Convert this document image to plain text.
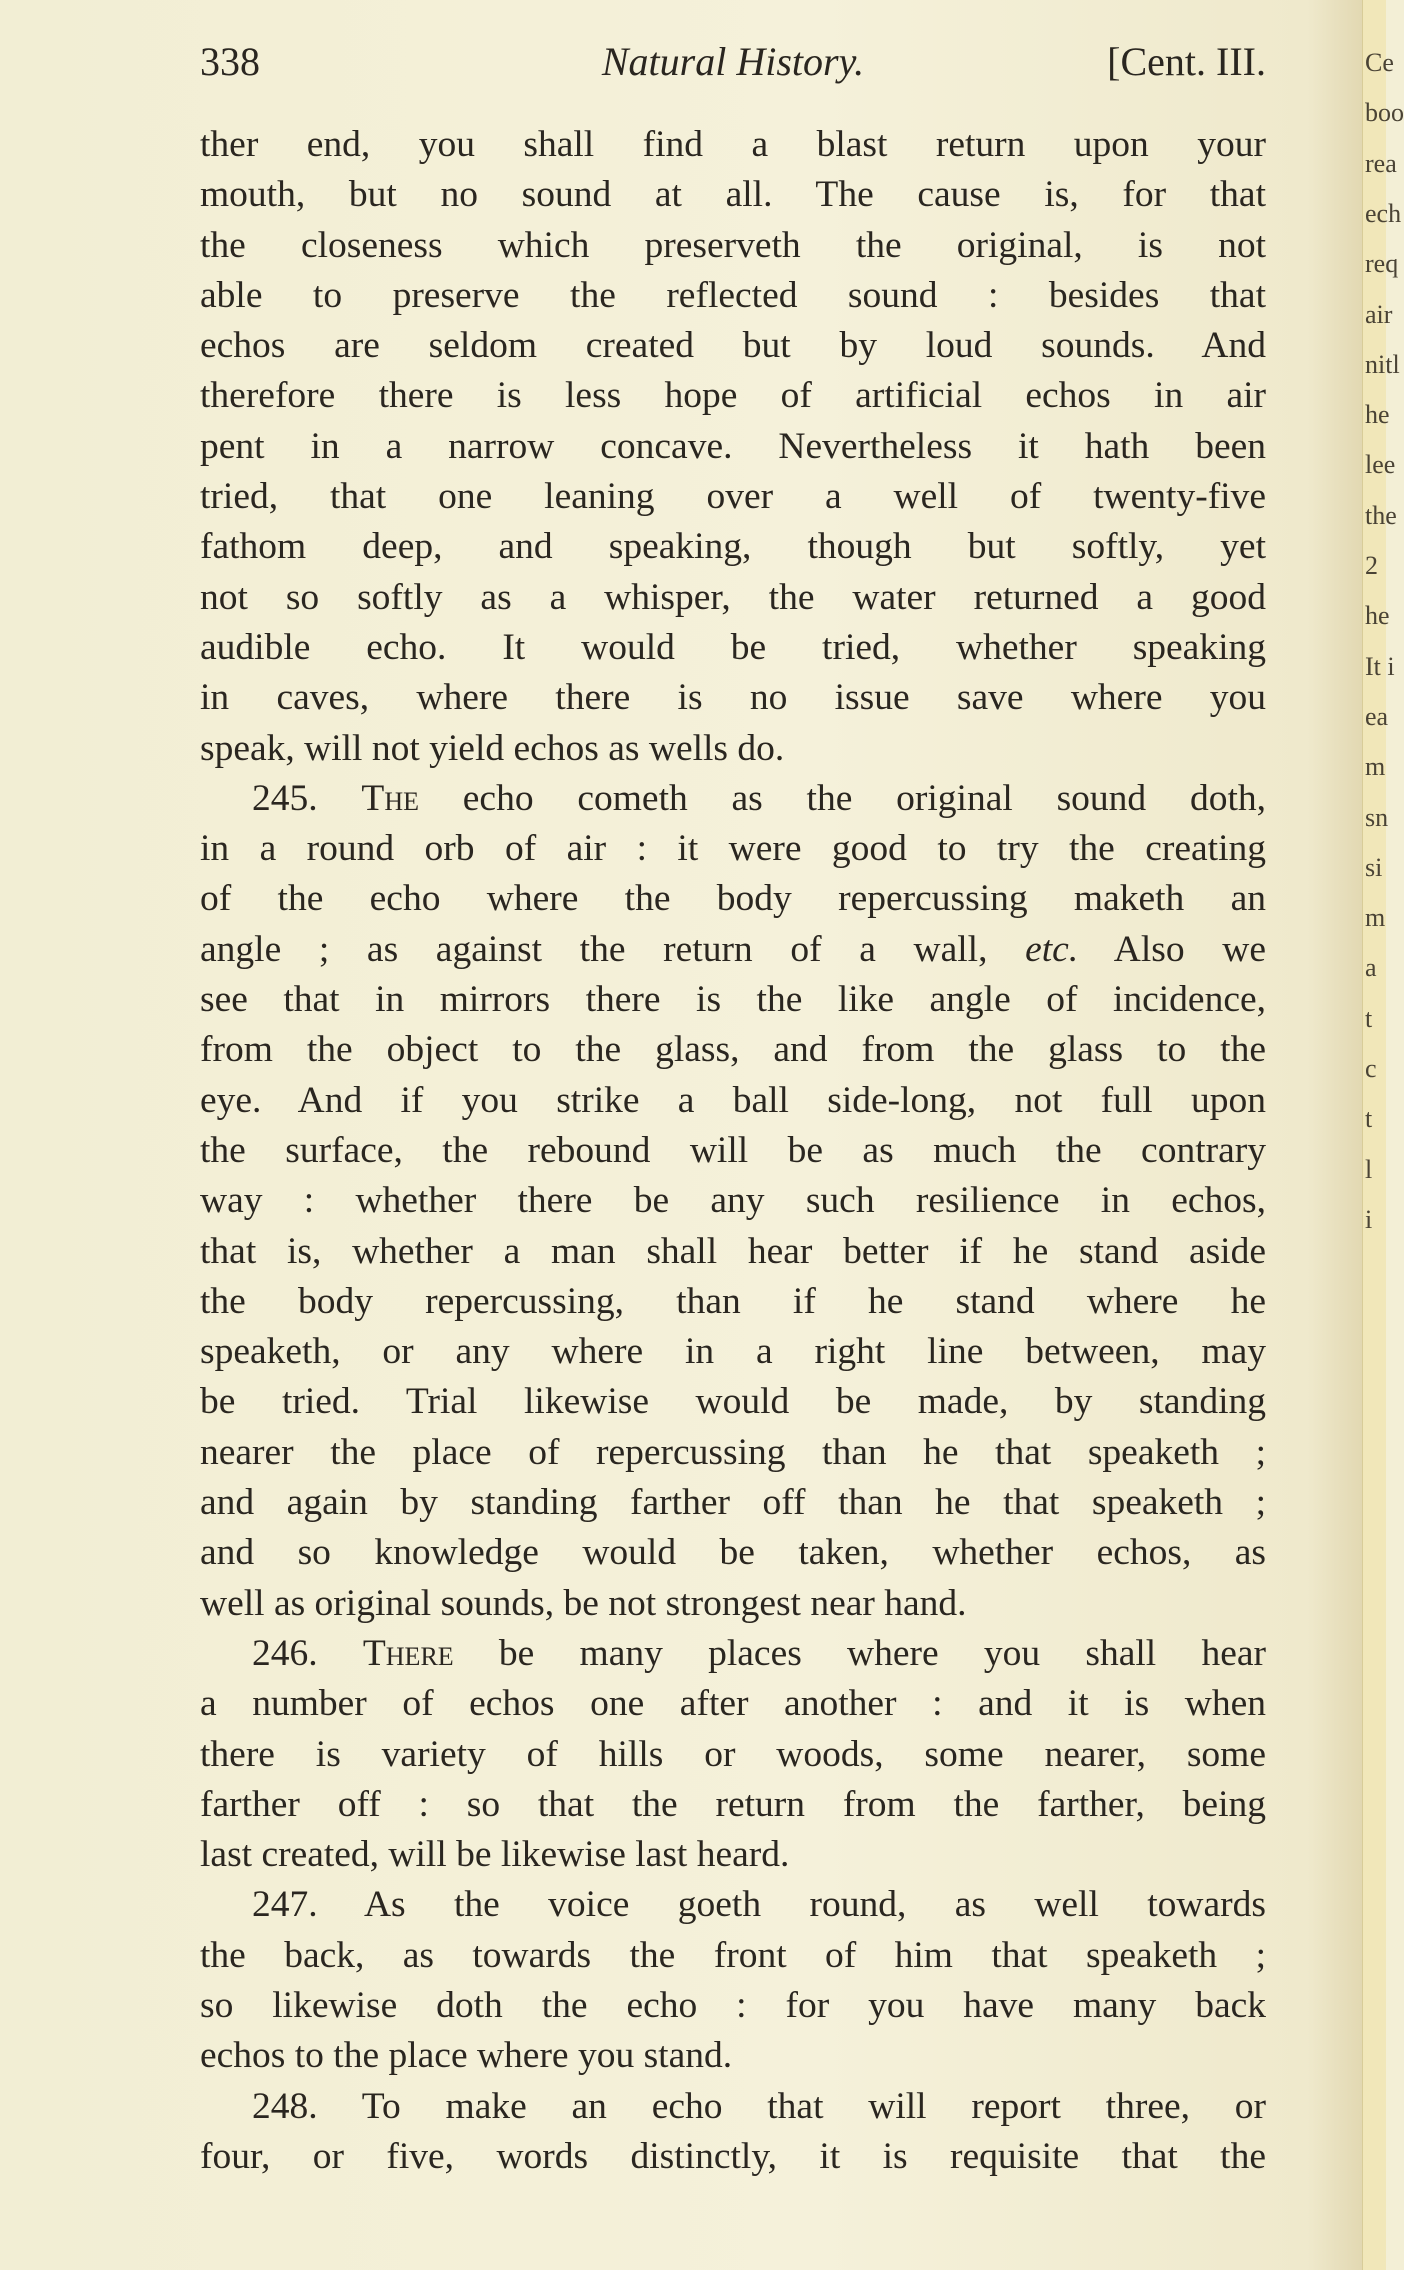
338	Natural History.	[Cent. III.
ther end, you shall find a blast return upon your
mouth, but no sound at all. The cause is, for that
the closeness which preserveth the original, is not
able to preserve the reflected sound : besides that
echos are seldom created but by loud sounds. And
therefore there is less hope of artificial echos in air
pent in a narrow concave. Nevertheless it hath been
tried, that one leaning over a well of twenty-five
fathom deep, and speaking, though but softly, yet
not so softly as a whisper, the water returned a good
audible echo. It would be tried, whether speaking
in caves, where there is no issue save where you
speak, will not yield echos as wells do.
245. The echo cometh as the original sound doth,
in a round orb of air : it were good to try the creating
of the echo where the body repercussing maketh an
angle ; as against the return of a wall, etc. Also we
see that in mirrors there is the like angle of incidence,
from the object to the glass, and from the glass to the
eye. And if you strike a ball side-long, not full upon
the surface, the rebound will be as much the contrary
way : whether there be any such resilience in echos,
that is, whether a man shall hear better if he stand aside
the body repercussing, than if he stand where he
speaketh, or any where in a right line between, may
be tried. Trial likewise would be made, by standing
nearer the place of repercussing than he that speaketh ;
and again by standing farther off than he that speaketh ;
and so knowledge would be taken, whether echos, as
well as original sounds, be not strongest near hand.
246. There be many places where you shall hear
a number of echos one after another : and it is when
there is variety of hills or woods, some nearer, some
farther off : so that the return from the farther, being
last created, will be likewise last heard.
247. As the voice goeth round, as well towards
the back, as towards the front of him that speaketh ;
so likewise doth the echo : for you have many back
echos to the place where you stand.
248. To make an echo that will report three, or
four, or five, words distinctly, it is requisite that the
Ce
boo
rea
ech
req
air
nitl
he
lee
the
2
he
It i
ea
m
sn
si
m
a
t
c
t
l
i
